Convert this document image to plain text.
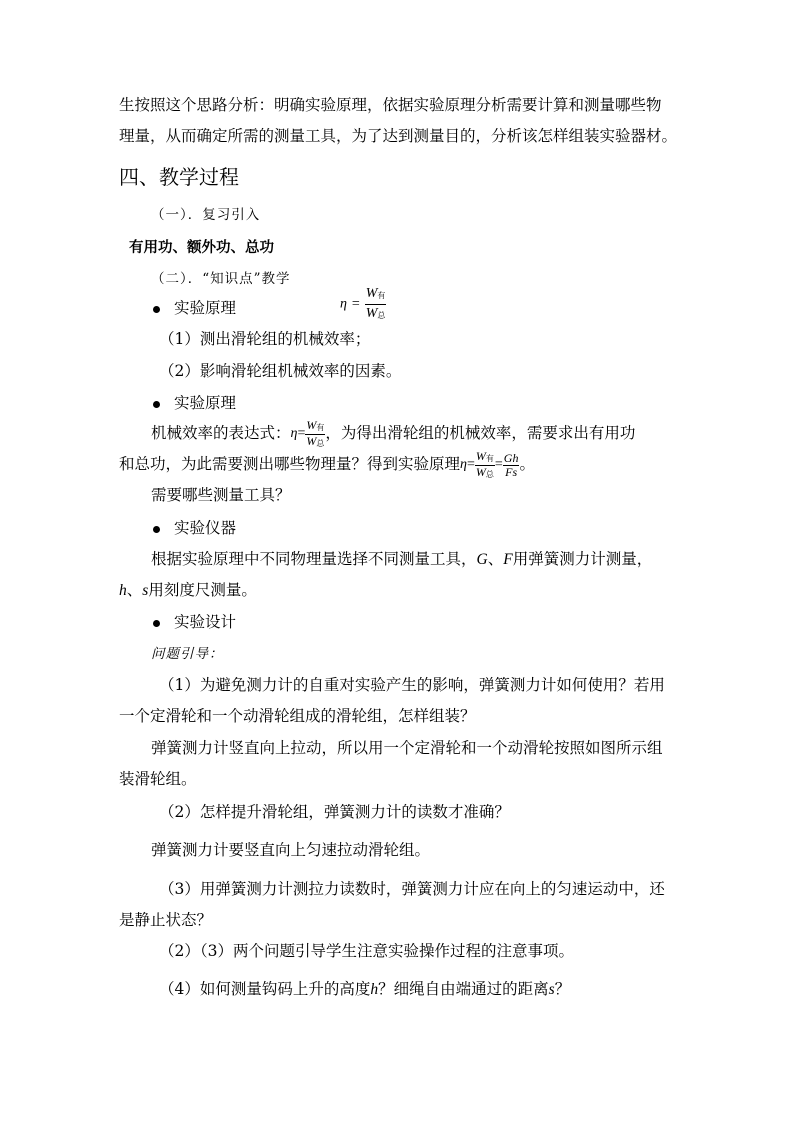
生按照这个思路分析：明确实验原理，依据实验原理分析需要计算和测量哪些物
理量，从而确定所需的测量工具，为了达到测量目的，分析该怎样组装实验器材。
四、教学过程
（一）．复习引入
有用功、额外功、总功
（二）．“知识点”教学
实验原理	$\eta = \frac{W_有}{W_总}$
（1）测出滑轮组的机械效率；
（2）影响滑轮组机械效率的因素。
实验原理
机械效率的表达式：$\eta= \frac{W_有}{W_总}$ ，为得出滑轮组的机械效率，需要求出有用功
和总功，为此需要测出哪些物理量？得到实验原理$\eta= \frac{W_有}{W_总} = \frac{Gh}{Fs}$ 。
需要哪些测量工具？
实验仪器
根据实验原理中不同物理量选择不同测量工具，G、F用弹簧测力计测量，
h、s用刻度尺测量。
实验设计
问题引导：
（1）为避免测力计的自重对实验产生的影响，弹簧测力计如何使用？若用
一个定滑轮和一个动滑轮组成的滑轮组，怎样组装？
弹簧测力计竖直向上拉动，所以用一个定滑轮和一个动滑轮按照如图所示组
装滑轮组。
（2）怎样提升滑轮组，弹簧测力计的读数才准确？
弹簧测力计要竖直向上匀速拉动滑轮组。
（3）用弹簧测力计测拉力读数时，弹簧测力计应在向上的匀速运动中，还
是静止状态？
（2）（3）两个问题引导学生注意实验操作过程的注意事项。
（4）如何测量钩码上升的高度h？细绳自由端通过的距离s？
